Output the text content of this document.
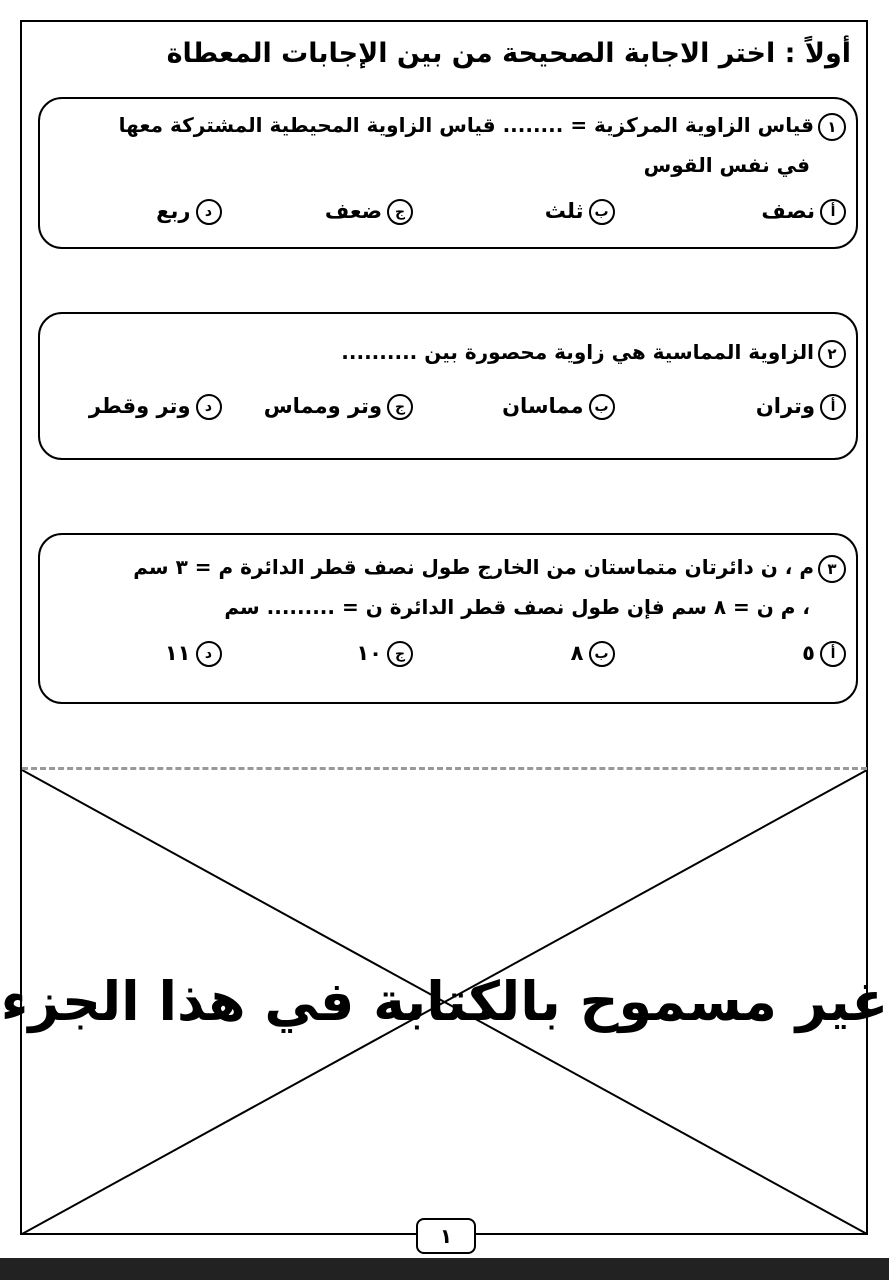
أولاً : اختر الاجابة الصحيحة من بين الإجابات المعطاة
١قياس الزاوية المركزية = ........ قياس الزاوية المحيطية المشتركة معها
في نفس القوس
أنصف
بثلث
جضعف
دربع
٢الزاوية المماسية هي زاوية محصورة بين ..........
أوتران
بمماسان
جوتر ومماس
دوتر وقطر
٣م ، ن دائرتان متماستان من الخارج طول نصف قطر الدائرة م = ٣ سم
، م ن = ٨ سم فإن طول نصف قطر الدائرة ن = ......... سم
أ٥
ب٨
ج١٠
د١١
غير مسموح بالكتابة في هذا الجزء
١
